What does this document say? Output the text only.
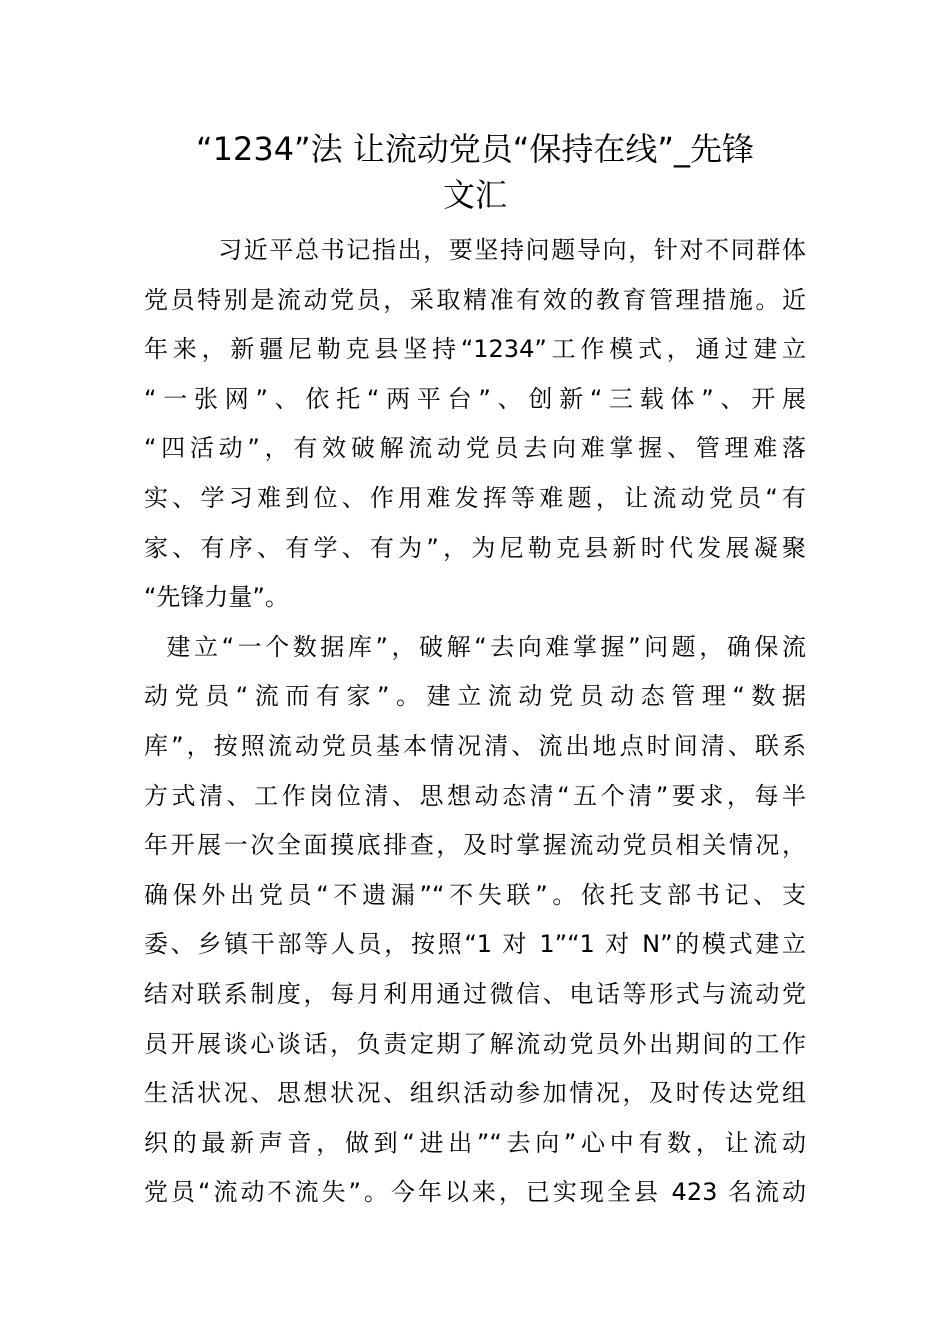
“1234”法 让流动党员“保持在线”_先锋
文汇
习近平总书记指出，要坚持问题导向，针对不同群体
党员特别是流动党员，采取精准有效的教育管理措施。近
年来，新疆尼勒克县坚持“1234”工作模式，通过建立
“一张网”、依托“两平台”、创新“三载体”、开展
“四活动”，有效破解流动党员去向难掌握、管理难落
实、学习难到位、作用难发挥等难题，让流动党员“有
家、有序、有学、有为”，为尼勒克县新时代发展凝聚
“先锋力量”。
建立“一个数据库”，破解“去向难掌握”问题，确保流
动党员“流而有家”。建立流动党员动态管理“数据
库”，按照流动党员基本情况清、流出地点时间清、联系
方式清、工作岗位清、思想动态清“五个清”要求，每半
年开展一次全面摸底排查，及时掌握流动党员相关情况，
确保外出党员“不遗漏”“不失联”。依托支部书记、支
委、乡镇干部等人员，按照“1 对 1”“1 对 N”的模式建立
结对联系制度，每月利用通过微信、电话等形式与流动党
员开展谈心谈话，负责定期了解流动党员外出期间的工作
生活状况、思想状况、组织活动参加情况，及时传达党组
织的最新声音，做到“进出”“去向”心中有数，让流动
党员“流动不流失”。今年以来，已实现全县 423 名流动
